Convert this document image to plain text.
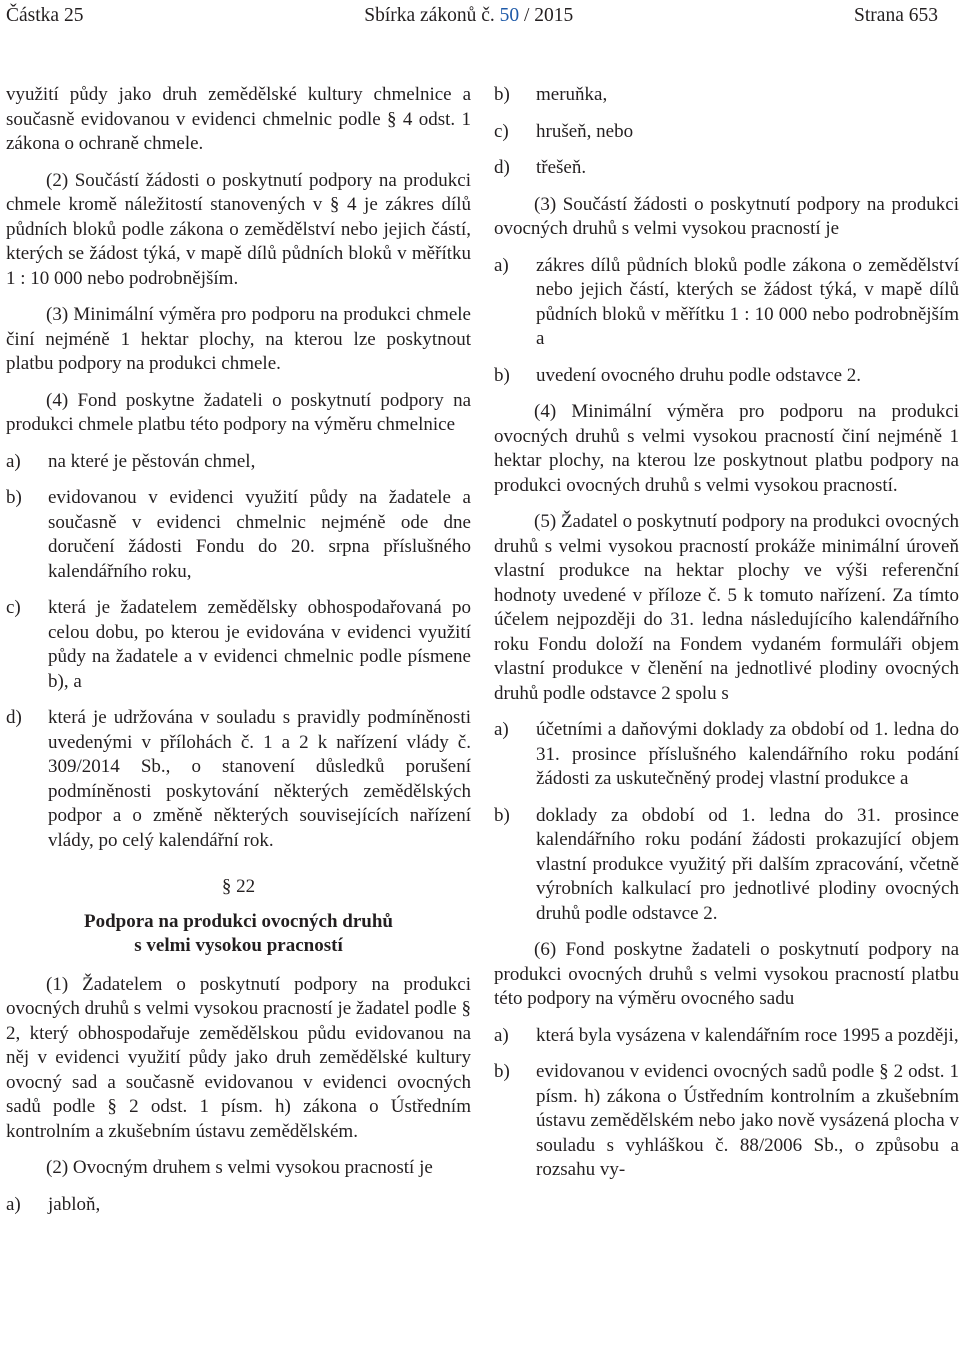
Částka 25	Sbírka zákonů č. 50 / 2015	Strana 653

využití půdy jako druh zemědělské kultury chmelnice a současně evidovanou v evidenci chmelnic podle § 4 odst. 1 zákona o ochraně chmele.

(2) Součástí žádosti o poskytnutí podpory na produkci chmele kromě náležitostí stanovených v § 4 je zákres dílů půdních bloků podle zákona o zemědělství nebo jejich částí, kterých se žádost týká, v mapě dílů půdních bloků v měřítku 1 : 10 000 nebo podrobnějším.

(3) Minimální výměra pro podporu na produkci chmele činí nejméně 1 hektar plochy, na kterou lze poskytnout platbu podpory na produkci chmele.

(4) Fond poskytne žadateli o poskytnutí podpory na produkci chmele platbu této podpory na výměru chmelnice

a)	na které je pěstován chmel,
b)	evidovanou v evidenci využití půdy na žadatele a současně v evidenci chmelnic nejméně ode dne doručení žádosti Fondu do 20. srpna příslušného kalendářního roku,
c)	která je žadatelem zemědělsky obhospodařovaná po celou dobu, po kterou je evidována v evidenci využití půdy na žadatele a v evidenci chmelnic podle písmene b), a
d)	která je udržována v souladu s pravidly podmíněnosti uvedenými v přílohách č. 1 a 2 k nařízení vlády č. 309/2014 Sb., o stanovení důsledků porušení podmíněnosti poskytování některých zemědělských podpor a o změně některých souvisejících nařízení vlády, po celý kalendářní rok.
§ 22
Podpora na produkci ovocných druhů
s velmi vysokou pracností

(1) Žadatelem o poskytnutí podpory na produkci ovocných druhů s velmi vysokou pracností je žadatel podle § 2, který obhospodařuje zemědělskou půdu evidovanou na něj v evidenci využití půdy jako druh zemědělské kultury ovocný sad a současně evidovanou v evidenci ovocných sadů podle § 2 odst. 1 písm. h) zákona o Ústředním kontrolním a zkušebním ústavu zemědělském.

(2) Ovocným druhem s velmi vysokou pracností je

a)	jabloň,
b)	meruňka,
c)	hrušeň, nebo
d)	třešeň.

(3) Součástí žádosti o poskytnutí podpory na produkci ovocných druhů s velmi vysokou pracností je

a)	zákres dílů půdních bloků podle zákona o zemědělství nebo jejich částí, kterých se žádost týká, v mapě dílů půdních bloků v měřítku 1 : 10 000 nebo podrobnějším a
b)	uvedení ovocného druhu podle odstavce 2.

(4) Minimální výměra pro podporu na produkci ovocných druhů s velmi vysokou pracností činí nejméně 1 hektar plochy, na kterou lze poskytnout platbu podpory na produkci ovocných druhů s velmi vysokou pracností.

(5) Žadatel o poskytnutí podpory na produkci ovocných druhů s velmi vysokou pracností prokáže minimální úroveň vlastní produkce na hektar plochy ve výši referenční hodnoty uvedené v příloze č. 5 k tomuto nařízení. Za tímto účelem nejpozději do 31. ledna následujícího kalendářního roku Fondu doloží na Fondem vydaném formuláři objem vlastní produkce v členění na jednotlivé plodiny ovocných druhů podle odstavce 2 spolu s

a)	účetními a daňovými doklady za období od 1. ledna do 31. prosince příslušného kalendářního roku podání žádosti za uskutečněný prodej vlastní produkce a
b)	doklady za období od 1. ledna do 31. prosince kalendářního roku podání žádosti prokazující objem vlastní produkce využitý při dalším zpracování, včetně výrobních kalkulací pro jednotlivé plodiny ovocných druhů podle odstavce 2.

(6) Fond poskytne žadateli o poskytnutí podpory na produkci ovocných druhů s velmi vysokou pracností platbu této podpory na výměru ovocného sadu

a)	která byla vysázena v kalendářním roce 1995 a později,
b)	evidovanou v evidenci ovocných sadů podle § 2 odst. 1 písm. h) zákona o Ústředním kontrolním a zkušebním ústavu zemědělském nebo jako nově vysázená plocha v souladu s vyhláškou č. 88/2006 Sb., o způsobu a rozsahu vy-
